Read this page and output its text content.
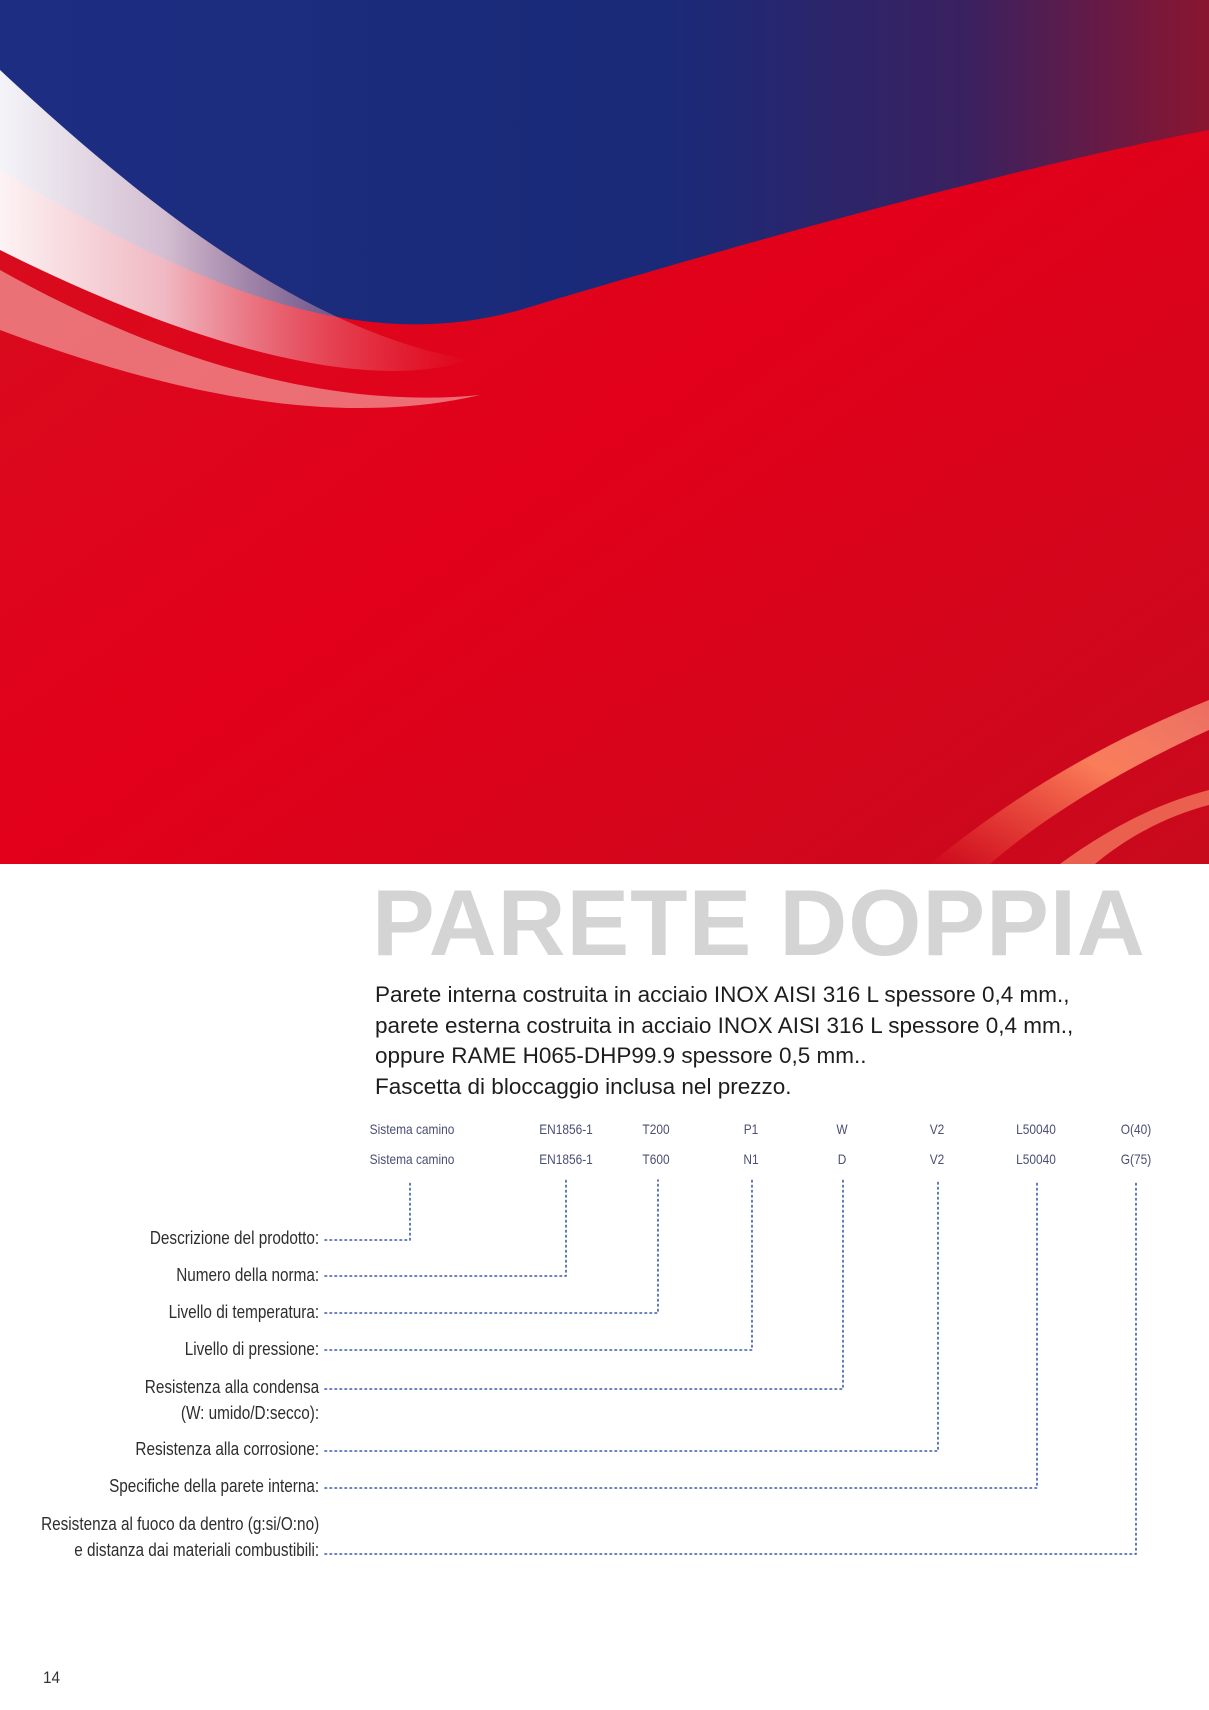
PARETE DOPPIA
Parete interna costruita in acciaio INOX AISI 316 L spessore 0,4 mm.,
parete esterna costruita in acciaio INOX AISI 316 L spessore 0,4 mm.,
oppure RAME H065-DHP99.9 spessore 0,5 mm..
Fascetta di bloccaggio inclusa nel prezzo.
Sistema camino	EN1856-1	T200	P1	W	V2	L50040	O(40)
Sistema camino	EN1856-1	T600	N1	D	V2	L50040	G(75)
Descrizione del prodotto:
Numero della norma:
Livello di temperatura:
Livello di pressione:
Resistenza alla condensa
(W: umido/D:secco):
Resistenza alla corrosione:
Specifiche della parete interna:
Resistenza al fuoco da dentro (g:si/O:no)
e distanza dai materiali combustibili:
14
